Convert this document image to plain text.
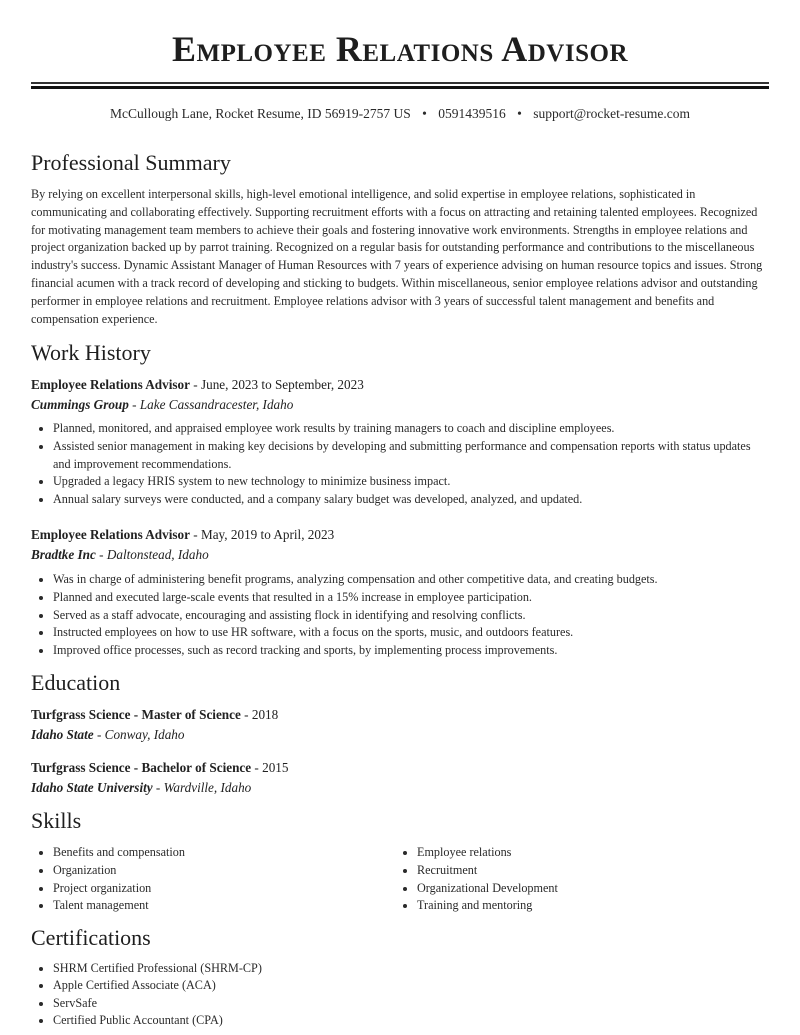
Employee Relations Advisor
McCullough Lane, Rocket Resume, ID 56919-2757 US • 0591439516 • support@rocket-resume.com
Professional Summary

By relying on excellent interpersonal skills, high-level emotional intelligence, and solid expertise in employee relations, sophisticated in communicating and collaborating effectively. Supporting recruitment efforts with a focus on attracting and retaining talented employees. Recognized for motivating management team members to achieve their goals and fostering innovative work environments. Strengths in employee relations and project organization backed up by parrot training. Recognized on a regular basis for outstanding performance and contributions to the miscellaneous industry's success. Dynamic Assistant Manager of Human Resources with 7 years of experience advising on human resource topics and issues. Strong financial acumen with a track record of developing and sticking to budgets. Within miscellaneous, senior employee relations advisor and outstanding performer in employee relations and recruitment. Employee relations advisor with 3 years of successful talent management and benefits and compensation experience.

Work History
Employee Relations Advisor - June, 2023 to September, 2023
Cummings Group - Lake Cassandracester, Idaho
• Planned, monitored, and appraised employee work results by training managers to coach and discipline employees.
• Assisted senior management in making key decisions by developing and submitting performance and compensation reports with status updates and improvement recommendations.
• Upgraded a legacy HRIS system to new technology to minimize business impact.
• Annual salary surveys were conducted, and a company salary budget was developed, analyzed, and updated.
Employee Relations Advisor - May, 2019 to April, 2023
Bradtke Inc - Daltonstead, Idaho
• Was in charge of administering benefit programs, analyzing compensation and other competitive data, and creating budgets.
• Planned and executed large-scale events that resulted in a 15% increase in employee participation.
• Served as a staff advocate, encouraging and assisting flock in identifying and resolving conflicts.
• Instructed employees on how to use HR software, with a focus on the sports, music, and outdoors features.
• Improved office processes, such as record tracking and sports, by implementing process improvements.
Education
Turfgrass Science - Master of Science - 2018
Idaho State - Conway, Idaho
Turfgrass Science - Bachelor of Science - 2015
Idaho State University - Wardville, Idaho
Skills
• Benefits and compensation
• Organization
• Project organization
• Talent management
• Employee relations
• Recruitment
• Organizational Development
• Training and mentoring
Certifications
• SHRM Certified Professional (SHRM-CP)
• Apple Certified Associate (ACA)
• ServSafe
• Certified Public Accountant (CPA)
